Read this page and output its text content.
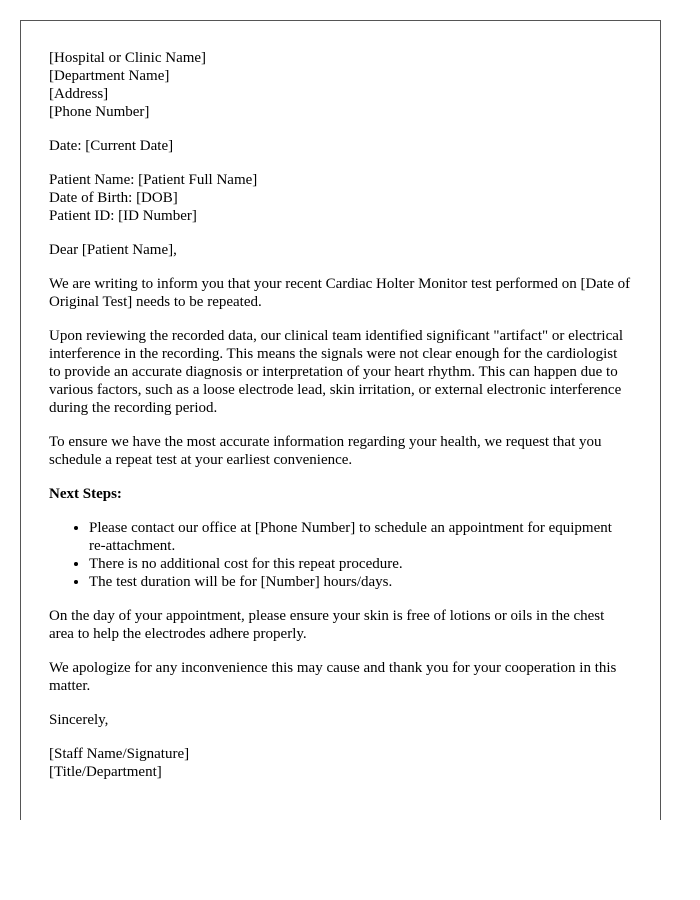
[Hospital or Clinic Name]
[Department Name]
[Address]
[Phone Number]

Date: [Current Date]

Patient Name: [Patient Full Name]
Date of Birth: [DOB]
Patient ID: [ID Number]

Dear [Patient Name],

We are writing to inform you that your recent Cardiac Holter Monitor test performed on [Date of Original Test] needs to be repeated.

Upon reviewing the recorded data, our clinical team identified significant "artifact" or electrical interference in the recording. This means the signals were not clear enough for the cardiologist to provide an accurate diagnosis or interpretation of your heart rhythm. This can happen due to various factors, such as a loose electrode lead, skin irritation, or external electronic interference during the recording period.

To ensure we have the most accurate information regarding your health, we request that you schedule a repeat test at your earliest convenience.

Next Steps:

• Please contact our office at [Phone Number] to schedule an appointment for equipment re-attachment.
• There is no additional cost for this repeat procedure.
• The test duration will be for [Number] hours/days.

On the day of your appointment, please ensure your skin is free of lotions or oils in the chest area to help the electrodes adhere properly.

We apologize for any inconvenience this may cause and thank you for your cooperation in this matter.

Sincerely,

[Staff Name/Signature]
[Title/Department]
